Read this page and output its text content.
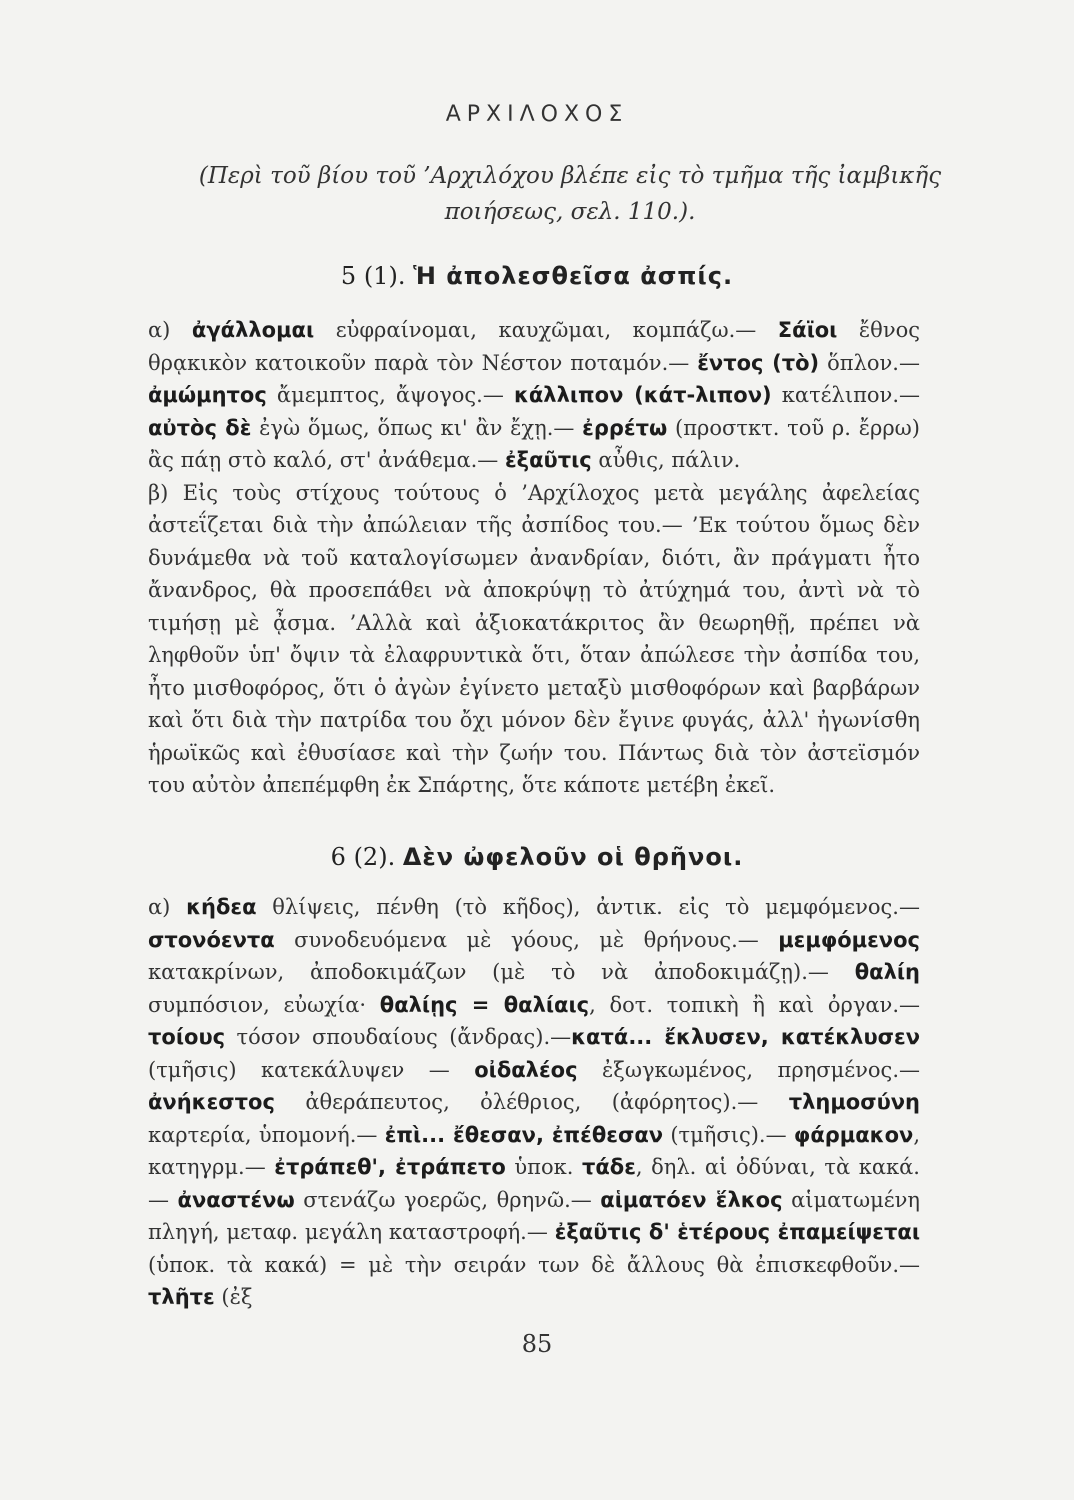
ΑΡΧΙΛΟΧΟΣ
(Περὶ τοῦ βίου τοῦ ’Αρχιλόχου βλέπε εἰς τὸ τμῆμα τῆς ἰαμβικῆς ποιήσεως, σελ. 110.).
5 (1). Ἡ ἀπολεσθεῖσα ἀσπίς.

α) ἀγάλλομαι εὐφραίνομαι, καυχῶμαι, κομπάζω.— Σάϊοι ἔθνος θρᾳκικὸν κατοικοῦν παρὰ τὸν Νέστον ποταμόν.— ἔντος (τὸ) ὅπλον.— ἀμώμητος ἄμεμπτος, ἄψογος.— κάλλιπον (κάτ-λιπον) κατέλιπον.— αὐτὸς δὲ ἐγὼ ὅμως, ὅπως κι' ἂν ἔχῃ.— ἐρρέτω (προστκτ. τοῦ ρ. ἔρρω) ἂς πάῃ στὸ καλό, στ' ἀνάθεμα.— ἐξαῦτις αὖθις, πάλιν.

β) Εἰς τοὺς στίχους τούτους ὁ ’Αρχίλοχος μετὰ μεγάλης ἀφελείας ἀστεΐζεται διὰ τὴν ἀπώλειαν τῆς ἀσπίδος του.— ’Εκ τούτου ὅμως δὲν δυνάμεθα νὰ τοῦ καταλογίσωμεν ἀνανδρίαν, διότι, ἂν πράγματι ἦτο ἄνανδρος, θὰ προσεπάθει νὰ ἀποκρύψῃ τὸ ἀτύχημά του, ἀντὶ νὰ τὸ τιμήσῃ μὲ ᾆσμα. ’Αλλὰ καὶ ἀξιοκατάκριτος ἂν θεωρηθῇ, πρέπει νὰ ληφθοῦν ὑπ' ὄψιν τὰ ἐλαφρυντικὰ ὅτι, ὅταν ἀπώλεσε τὴν ἀσπίδα του, ἦτο μισθοφόρος, ὅτι ὁ ἀγὼν ἐγίνετο μεταξὺ μισθοφόρων καὶ βαρβάρων καὶ ὅτι διὰ τὴν πατρίδα του ὄχι μόνον δὲν ἔγινε φυγάς, ἀλλ' ἠγωνίσθη ἡρωϊκῶς καὶ ἐθυσίασε καὶ τὴν ζωήν του. Πάντως διὰ τὸν ἀστεϊσμόν του αὐτὸν ἀπεπέμφθη ἐκ Σπάρτης, ὅτε κάποτε μετέβη ἐκεῖ.

6 (2). Δὲν ὠφελοῦν οἱ θρῆνοι.

α) κήδεα θλίψεις, πένθη (τὸ κῆδος), ἀντικ. εἰς τὸ μεμφόμενος.— στονόεντα συνοδευόμενα μὲ γόους, μὲ θρήνους.— μεμφόμενος κατακρίνων, ἀποδοκιμάζων (μὲ τὸ νὰ ἀποδοκιμάζῃ).— θαλίη συμπόσιον, εὐωχία· θαλίῃς = θαλίαις, δοτ. τοπικὴ ἢ καὶ ὀργαν.— τοίους τόσον σπουδαίους (ἄνδρας).—κατά... ἔκλυσεν, κατέκλυσεν (τμῆσις) κατεκάλυψεν — οἰδαλέος ἐξωγκωμένος, πρησμένος.— ἀνήκεστος ἀθεράπευτος, ὀλέθριος, (ἀφόρητος).— τλημοσύνη καρτερία, ὑπομονή.— ἐπὶ... ἔθεσαν, ἐπέθεσαν (τμῆσις).— φάρμακον, κατηγρμ.— ἐτράπεθ', ἐτράπετο ὑποκ. τάδε, δηλ. αἱ ὀδύναι, τὰ κακά.— ἀναστένω στενάζω γοερῶς, θρηνῶ.— αἱματόεν ἕλκος αἱματωμένη πληγή, μεταφ. μεγάλη καταστροφή.— ἐξαῦτις δ' ἑτέρους ἐπαμείψεται (ὑποκ. τὰ κακά) = μὲ τὴν σειράν των δὲ ἄλλους θὰ ἐπισκεφθοῦν.— τλῆτε (ἐξ

85
